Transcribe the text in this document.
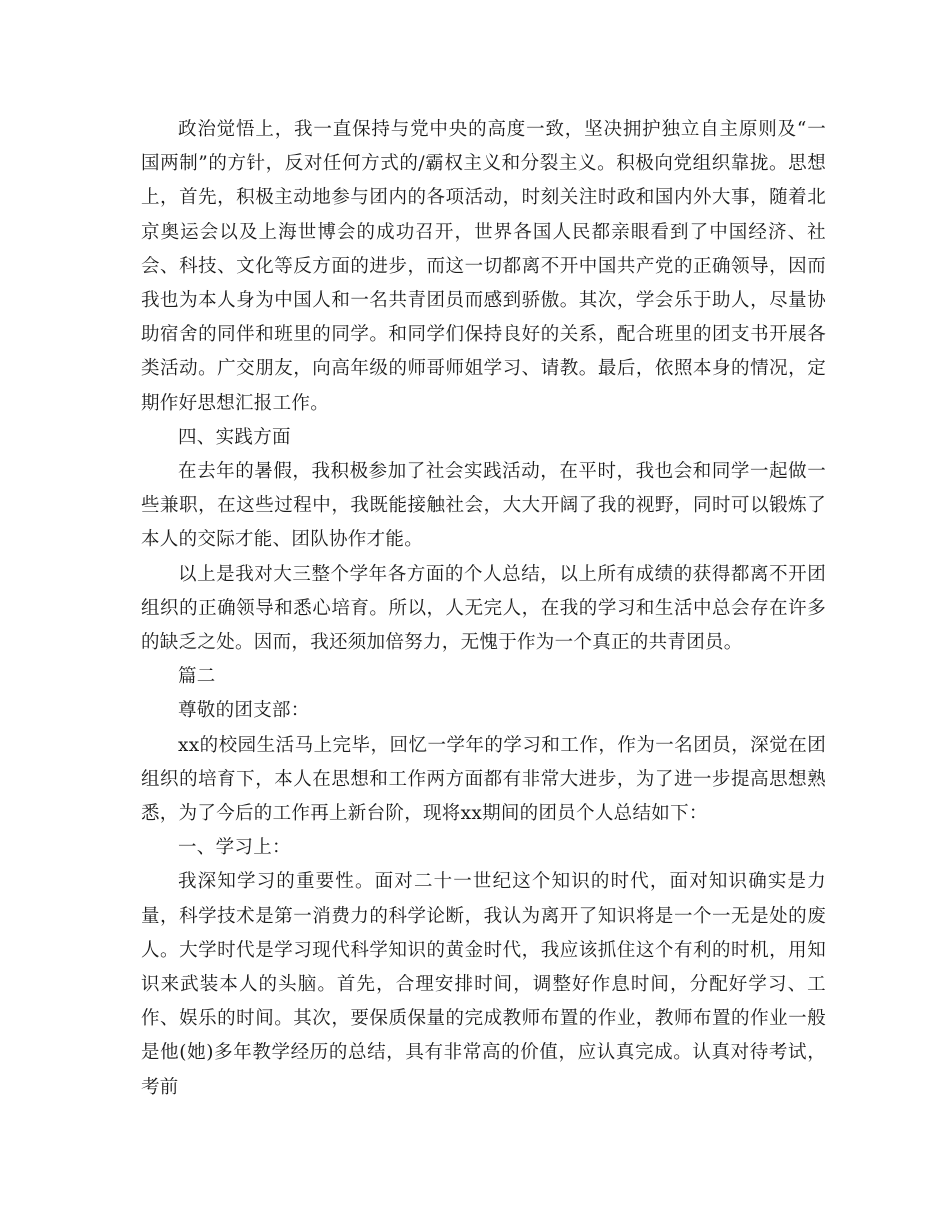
政治觉悟上，我一直保持与党中央的高度一致，坚决拥护独立自主原则及“一国两制”的方针，反对任何方式的/霸权主义和分裂主义。积极向党组织靠拢。思想上，首先，积极主动地参与团内的各项活动，时刻关注时政和国内外大事，随着北京奥运会以及上海世博会的成功召开，世界各国人民都亲眼看到了中国经济、社会、科技、文化等反方面的进步，而这一切都离不开中国共产党的正确领导，因而我也为本人身为中国人和一名共青团员而感到骄傲。其次，学会乐于助人，尽量协助宿舍的同伴和班里的同学。和同学们保持良好的关系，配合班里的团支书开展各类活动。广交朋友，向高年级的师哥师姐学习、请教。最后，依照本身的情况，定期作好思想汇报工作。

四、实践方面

在去年的暑假，我积极参加了社会实践活动，在平时，我也会和同学一起做一些兼职，在这些过程中，我既能接触社会，大大开阔了我的视野，同时可以锻炼了本人的交际才能、团队协作才能。

以上是我对大三整个学年各方面的个人总结，以上所有成绩的获得都离不开团组织的正确领导和悉心培育。所以，人无完人，在我的学习和生活中总会存在许多的缺乏之处。因而，我还须加倍努力，无愧于作为一个真正的共青团员。

篇二

尊敬的团支部：

xx的校园生活马上完毕，回忆一学年的学习和工作，作为一名团员，深觉在团组织的培育下，本人在思想和工作两方面都有非常大进步，为了进一步提高思想熟悉，为了今后的工作再上新台阶，现将xx期间的团员个人总结如下：

一、学习上：

我深知学习的重要性。面对二十一世纪这个知识的时代，面对知识确实是力量，科学技术是第一消费力的科学论断，我认为离开了知识将是一个一无是处的废人。大学时代是学习现代科学知识的黄金时代，我应该抓住这个有利的时机，用知识来武装本人的头脑。首先，合理安排时间，调整好作息时间，分配好学习、工作、娱乐的时间。其次，要保质保量的完成教师布置的作业，教师布置的作业一般是他(她)多年教学经历的总结，具有非常高的价值，应认真完成。认真对待考试，考前
